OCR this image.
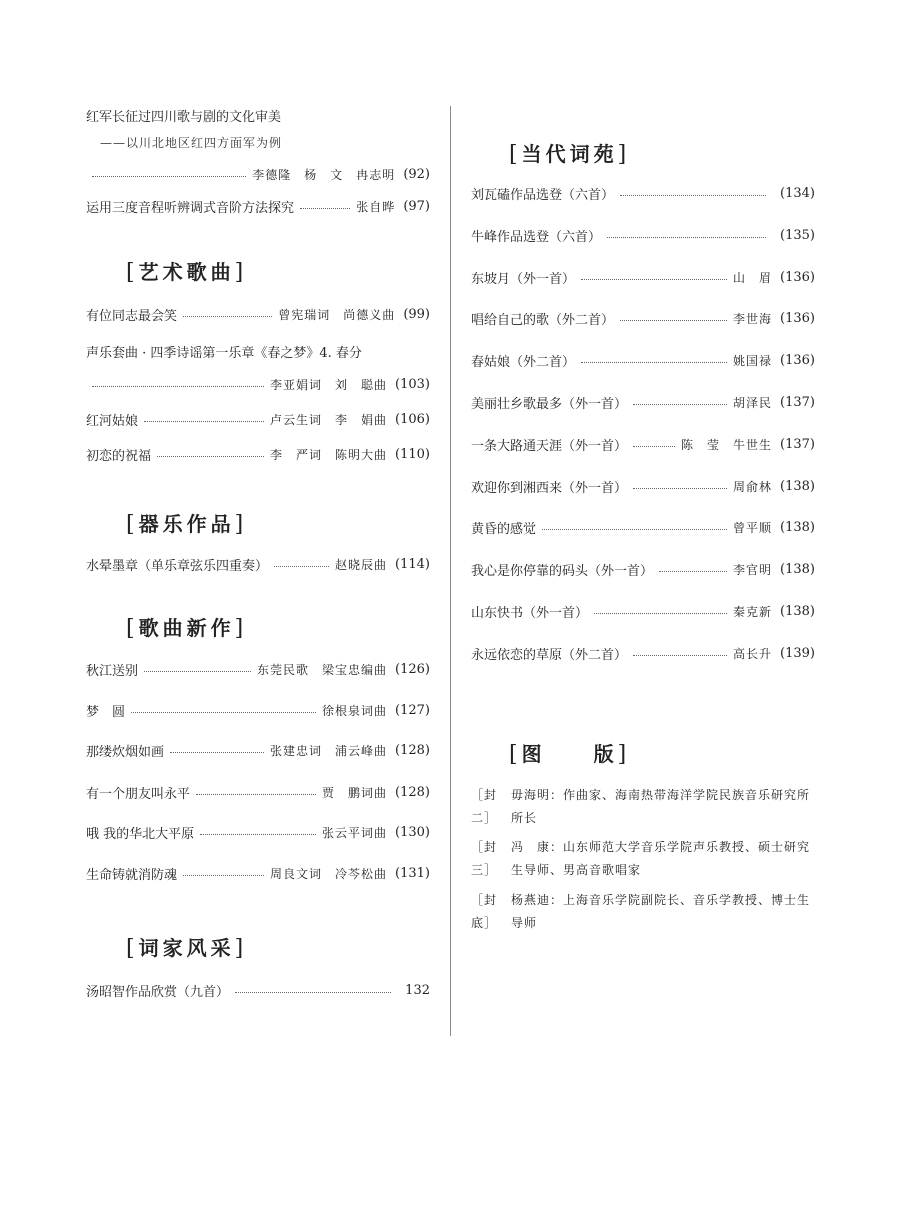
红军长征过四川歌与剧的文化审美
——以川北地区红四方面军为例
李德隆　杨　文　冉志明 (92)
运用三度音程听辨调式音阶方法探究	张自晔 (97)
[艺术歌曲]
有位同志最会笑	曾宪瑞词　尚德义曲 (99)
声乐套曲 · 四季诗谣第一乐章《春之梦》4. 春分
李亚娟词　刘　聪曲 (103)
红河姑娘	卢云生词　李　娟曲 (106)
初恋的祝福	李　严词　陈明大曲 (110)
[器乐作品]
水晕墨章（单乐章弦乐四重奏）	赵晓辰曲 (114)
[歌曲新作]
秋江送别	东莞民歌　梁宝忠编曲 (126)
梦　圆	徐根泉词曲 (127)
那缕炊烟如画	张建忠词　浦云峰曲 (128)
有一个朋友叫永平	贾　鹏词曲 (128)
哦 我的华北大平原	张云平词曲 (130)
生命铸就消防魂	周良文词　冷芩松曲 (131)
[词家风采]
汤昭智作品欣赏（九首）	132
[当代词苑]
刘瓦磕作品选登（六首）	(134)
牛峰作品选登（六首）	(135)
东坡月（外一首）	山　眉 (136)
唱给自己的歌（外二首）	李世海 (136)
春姑娘（外二首）	姚国禄 (136)
美丽壮乡歌最多（外一首）	胡泽民 (137)
一条大路通天涯（外一首）	陈　莹　牛世生 (137)
欢迎你到湘西来（外一首）	周俞林 (138)
黄昏的感觉	曾平顺 (138)
我心是你停靠的码头（外一首）	李官明 (138)
山东快书（外一首）	秦克新 (138)
永远依恋的草原（外二首）	高长升 (139)
[图　　版]
［封二］
毋海明：作曲家、海南热带海洋学院民族音乐研究所所长
［封三］
冯　康：山东师范大学音乐学院声乐教授、硕士研究生导师、男高音歌唱家
［封底］
杨燕迪：上海音乐学院副院长、音乐学教授、博士生导师
